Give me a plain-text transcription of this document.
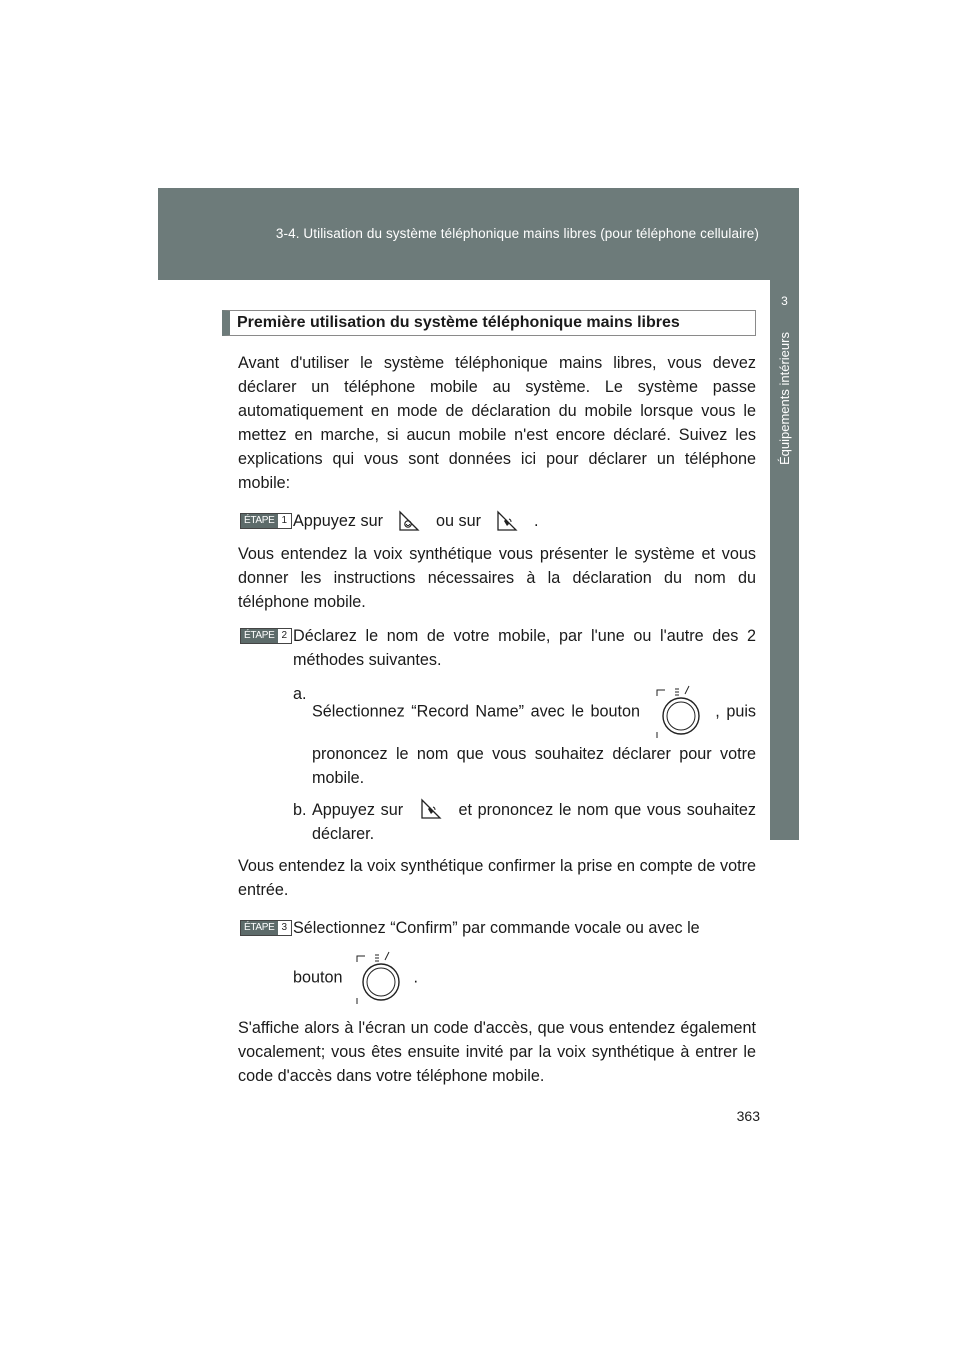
3-4. Utilisation du système téléphonique mains libres (pour téléphone cellulaire)
3
Équipements intérieurs
Première utilisation du système téléphonique mains libres

Avant d'utiliser le système téléphonique mains libres, vous devez déclarer un téléphone mobile au système. Le système passe automatiquement en mode de déclaration du mobile lorsque vous le mettez en marche, si aucun mobile n'est encore déclaré. Suivez les explications qui vous sont données ici pour déclarer un téléphone mobile:

ÉTAPE 1 Appuyez sur	ou sur	.

Vous entendez la voix synthétique vous présenter le système et vous donner les instructions nécessaires à la déclaration du nom du téléphone mobile.

ÉTAPE 2 Déclarez le nom de votre mobile, par l'une ou l'autre des 2 méthodes suivantes.
a.
Sélectionnez “Record Name” avec le bouton	, puis prononcez le nom que vous souhaitez déclarer pour votre mobile.
b. Appuyez sur	et prononcez le nom que vous souhaitez déclarer.

Vous entendez la voix synthétique confirmer la prise en compte de votre entrée.

ÉTAPE 3 Sélectionnez “Confirm” par commande vocale ou avec le
bouton	.

S'affiche alors à l'écran un code d'accès, que vous entendez également vocalement; vous êtes ensuite invité par la voix synthétique à entrer le code d'accès dans votre téléphone mobile.

363
